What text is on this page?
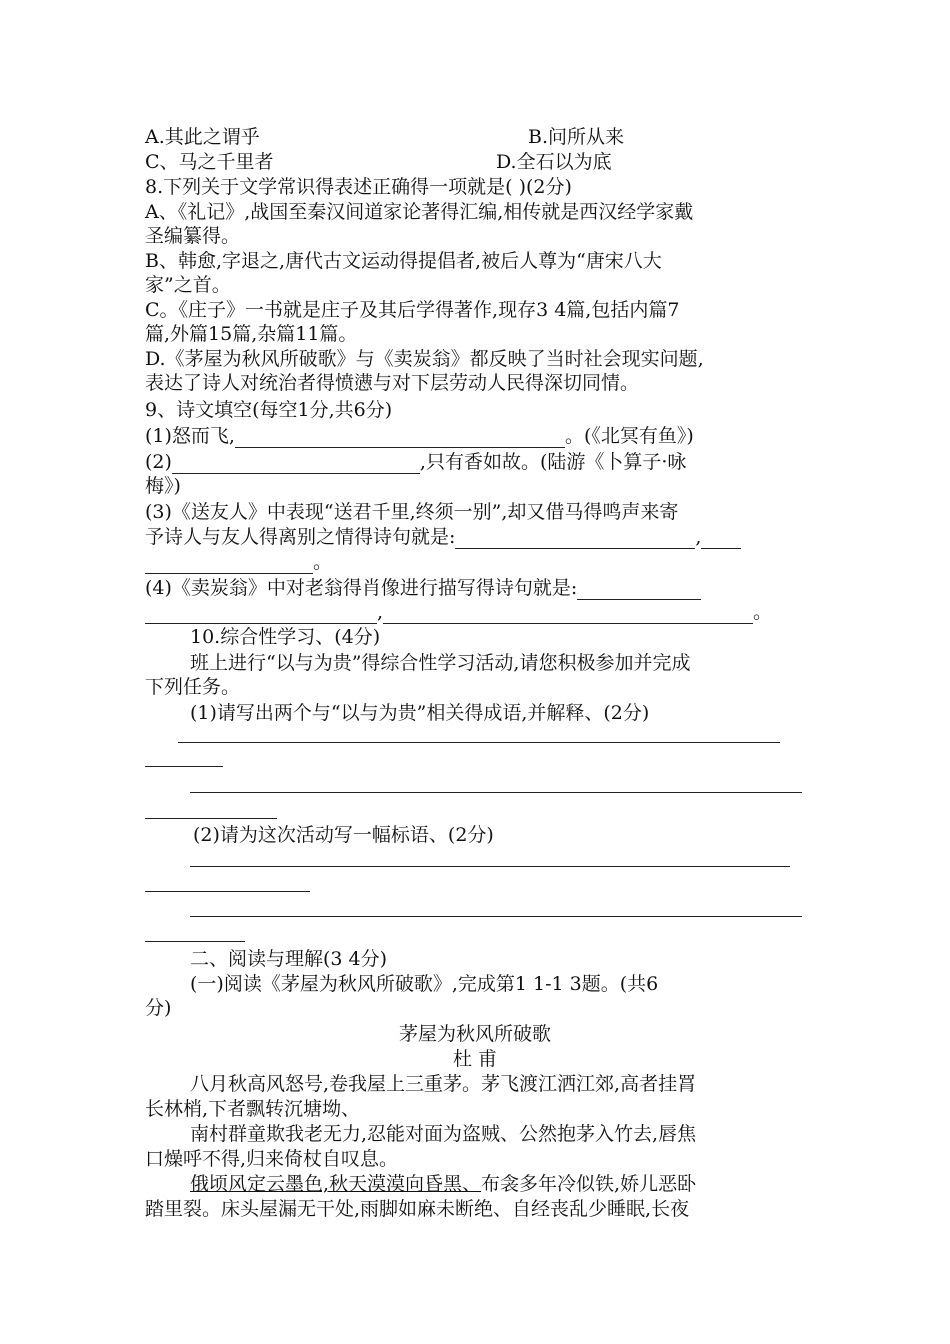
A.其此之谓乎	B.问所从来
C、马之千里者	D.全石以为底
8.下列关于文学常识得表述正确得一项就是( )(2分)
A、《礼记》,战国至秦汉间道家论著得汇编,相传就是西汉经学家戴
圣编纂得。
B、韩愈,字退之,唐代古文运动得提倡者,被后人尊为“唐宋八大
家”之首。
C。《庄子》一书就是庄子及其后学得著作,现存3 4篇,包括内篇7
篇,外篇15篇,杂篇11篇。
D.《茅屋为秋风所破歌》与《卖炭翁》都反映了当时社会现实问题,
表达了诗人对统治者得愤懑与对下层劳动人民得深切同情。
9、诗文填空(每空1分,共6分)
(1)怒而飞,	。(《北冥有鱼》)
(2)	,只有香如故。(陆游《卜算子·咏
梅》)
(3)《送友人》中表现“送君千里,终须一别”,却又借马得鸣声来寄
予诗人与友人得离别之情得诗句就是:	,
。
(4)《卖炭翁》中对老翁得肖像进行描写得诗句就是:
,	。
10.综合性学习、(4分)
班上进行“以与为贵”得综合性学习活动,请您积极参加并完成
下列任务。
(1)请写出两个与“以与为贵”相关得成语,并解释、(2分)
(2)请为这次活动写一幅标语、(2分)
二、阅读与理解(3 4分)
(一)阅读《茅屋为秋风所破歌》,完成第1 1-1 3题。(共6
分)
茅屋为秋风所破歌
杜 甫
八月秋高风怒号,卷我屋上三重茅。茅飞渡江洒江郊,高者挂罥
长林梢,下者飘转沉塘坳、
南村群童欺我老无力,忍能对面为盗贼、公然抱茅入竹去,唇焦
口燥呼不得,归来倚杖自叹息。
俄顷风定云墨色,秋天漠漠向昏黑、布衾多年冷似铁,娇儿恶卧
踏里裂。床头屋漏无干处,雨脚如麻未断绝、自经丧乱少睡眠,长夜
